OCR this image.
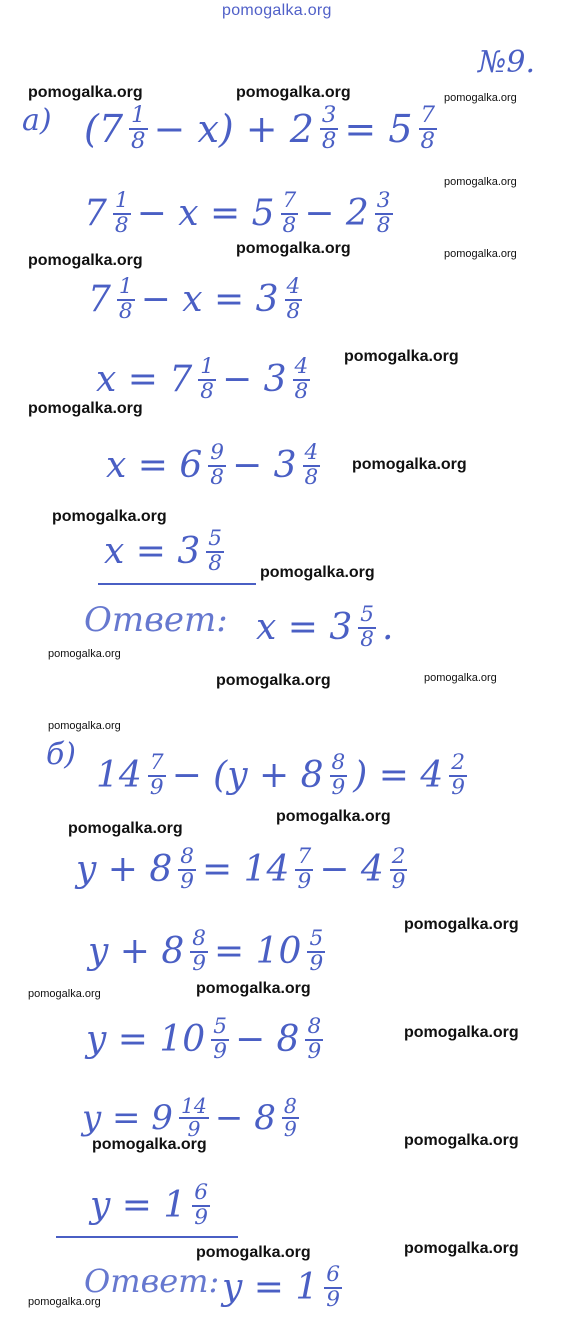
pomogalka.org
№9.
а) $(7 \frac{1}{8} - x) + 2 \frac{3}{8} = 5 \frac{7}{8}$
$7 \frac{1}{8} - x = 5 \frac{7}{8} - 2 \frac{3}{8}$
$7 \frac{1}{8} - x = 3 \frac{4}{8}$
$x = 7 \frac{1}{8} - 3 \frac{4}{8}$
$x = 6 \frac{9}{8} - 3 \frac{4}{8}$
$x = 3 \frac{5}{8}$
Ответ: $x = 3 \frac{5}{8}$ .
б)
$14 \frac{7}{9} - (y + 8 \frac{8}{9}$ ) = $4 \frac{2}{9}$
$y + 8 \frac{8}{9} = 14 \frac{7}{9} - 4 \frac{2}{9}$
$y + 8 \frac{8}{9} = 10 \frac{5}{9}$
$y = 10 \frac{5}{9} - 8 \frac{8}{9}$
$y = 9 \frac{14}{9} - 8 \frac{8}{9}$
$y = 1 \frac{6}{9}$
Ответ: $y = 1 \frac{6}{9}$
pomogalka.org	pomogalka.org	pomogalka.org
pomogalka.org
pomogalka.org	pomogalka.org
pomogalka.org
pomogalka.org
pomogalka.org
pomogalka.org
pomogalka.org
pomogalka.org
pomogalka.org
pomogalka.org	pomogalka.org
pomogalka.org
pomogalka.org
pomogalka.org
pomogalka.org
pomogalka.org	pomogalka.org
pomogalka.org
pomogalka.org	pomogalka.org
pomogalka.org	pomogalka.org
pomogalka.org
